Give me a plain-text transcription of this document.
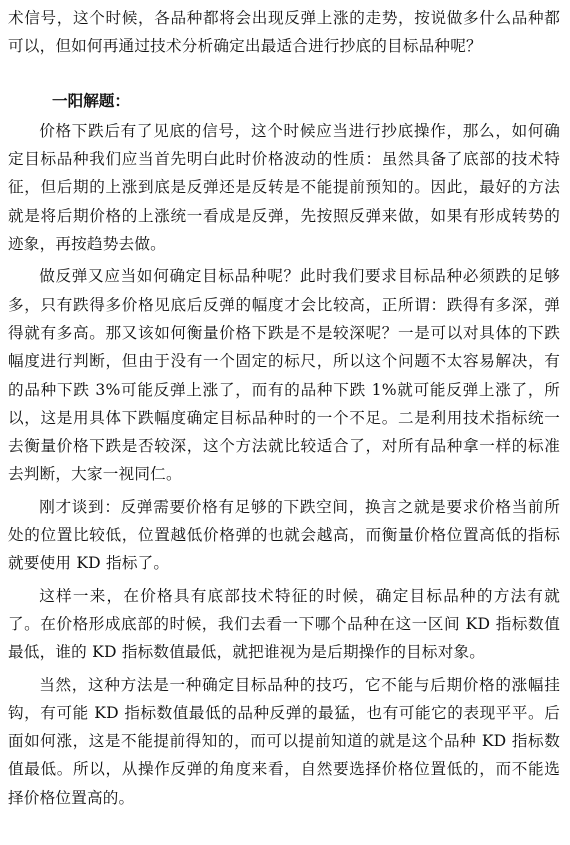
术信号，这个时候，各品种都将会出现反弹上涨的走势，按说做多什么品种都可以，但如何再通过技术分析确定出最适合进行抄底的目标品种呢？

一阳解题：

价格下跌后有了见底的信号，这个时候应当进行抄底操作，那么，如何确定目标品种我们应当首先明白此时价格波动的性质：虽然具备了底部的技术特征，但后期的上涨到底是反弹还是反转是不能提前预知的。因此，最好的方法就是将后期价格的上涨统一看成是反弹，先按照反弹来做，如果有形成转势的迹象，再按趋势去做。

做反弹又应当如何确定目标品种呢？此时我们要求目标品种必须跌的足够多，只有跌得多价格见底后反弹的幅度才会比较高，正所谓：跌得有多深，弹得就有多高。那又该如何衡量价格下跌是不是较深呢？一是可以对具体的下跌幅度进行判断，但由于没有一个固定的标尺，所以这个问题不太容易解决，有的品种下跌 3%可能反弹上涨了，而有的品种下跌 1%就可能反弹上涨了，所以，这是用具体下跌幅度确定目标品种时的一个不足。二是利用技术指标统一去衡量价格下跌是否较深，这个方法就比较适合了，对所有品种拿一样的标准去判断，大家一视同仁。

刚才谈到：反弹需要价格有足够的下跌空间，换言之就是要求价格当前所处的位置比较低，位置越低价格弹的也就会越高，而衡量价格位置高低的指标就要使用 KD 指标了。

这样一来，在价格具有底部技术特征的时候，确定目标品种的方法有就了。在价格形成底部的时候，我们去看一下哪个品种在这一区间 KD 指标数值最低，谁的 KD 指标数值最低，就把谁视为是后期操作的目标对象。

当然，这种方法是一种确定目标品种的技巧，它不能与后期价格的涨幅挂钩，有可能 KD 指标数值最低的品种反弹的最猛，也有可能它的表现平平。后面如何涨，这是不能提前得知的，而可以提前知道的就是这个品种 KD 指标数值最低。所以，从操作反弹的角度来看，自然要选择价格位置低的，而不能选择价格位置高的。
